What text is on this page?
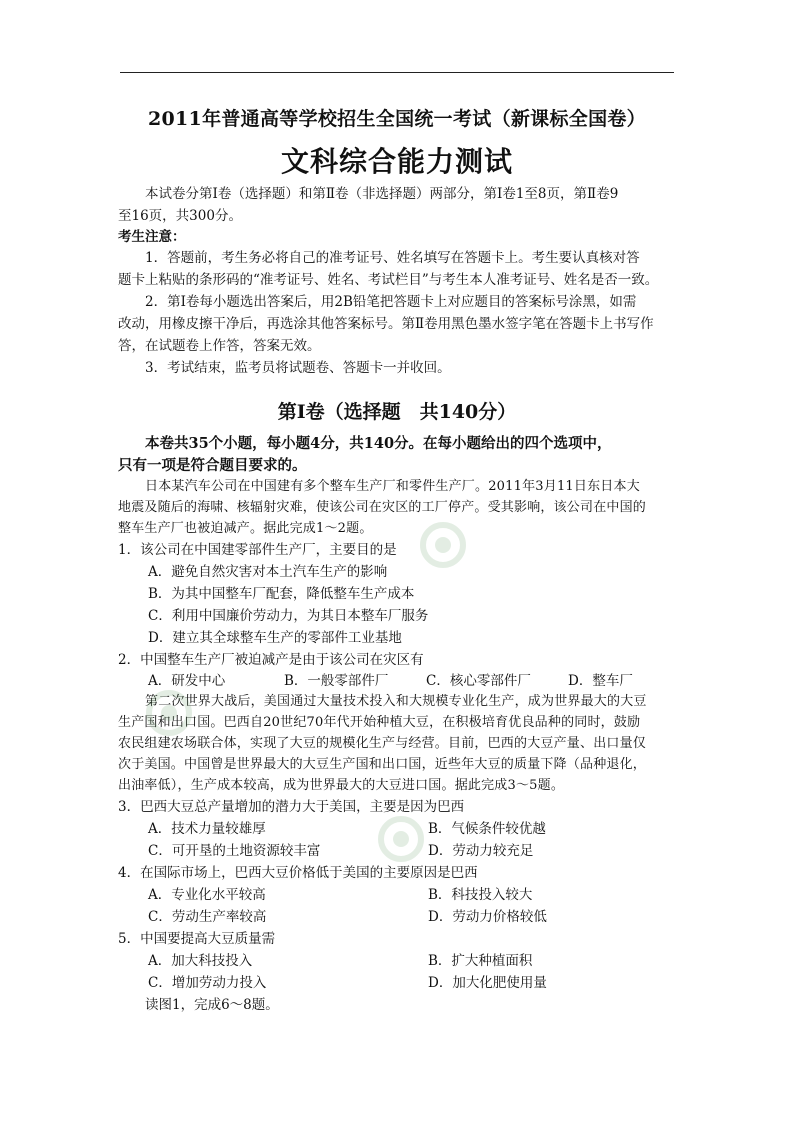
2011年普通高等学校招生全国统一考试（新课标全国卷）
文科综合能力测试
本试卷分第Ⅰ卷（选择题）和第Ⅱ卷（非选择题）两部分，第Ⅰ卷1至8页，第Ⅱ卷9
至16页，共300分。
考生注意：
1．答题前，考生务必将自己的准考证号、姓名填写在答题卡上。考生要认真核对答
题卡上粘贴的条形码的“准考证号、姓名、考试栏目”与考生本人准考证号、姓名是否一致。
2．第Ⅰ卷每小题选出答案后，用2B铅笔把答题卡上对应题目的答案标号涂黑，如需
改动，用橡皮擦干净后，再选涂其他答案标号。第Ⅱ卷用黑色墨水签字笔在答题卡上书写作
答，在试题卷上作答，答案无效。
3．考试结束，监考员将试题卷、答题卡一并收回。
第Ⅰ卷（选择题　共140分）
本卷共35个小题，每小题4分，共140分。在每小题给出的四个选项中，
只有一项是符合题目要求的。
日本某汽车公司在中国建有多个整车生产厂和零件生产厂。2011年3月11日东日本大
地震及随后的海啸、核辐射灾难，使该公司在灾区的工厂停产。受其影响，该公司在中国的
整车生产厂也被迫减产。据此完成1～2题。
1．该公司在中国建零部件生产厂，主要目的是
A．避免自然灾害对本土汽车生产的影响
B．为其中国整车厂配套，降低整车生产成本
C．利用中国廉价劳动力，为其日本整车厂服务
D．建立其全球整车生产的零部件工业基地
2．中国整车生产厂被迫减产是由于该公司在灾区有
A．研发中心	B．一般零部件厂	C．核心零部件厂	D．整车厂
第二次世界大战后，美国通过大量技术投入和大规模专业化生产，成为世界最大的大豆
生产国和出口国。巴西自20世纪70年代开始种植大豆，在积极培育优良品种的同时，鼓励
农民组建农场联合体，实现了大豆的规模化生产与经营。目前，巴西的大豆产量、出口量仅
次于美国。中国曾是世界最大的大豆生产国和出口国，近些年大豆的质量下降（品种退化，
出油率低），生产成本较高，成为世界最大的大豆进口国。据此完成3～5题。
3．巴西大豆总产量增加的潜力大于美国，主要是因为巴西
A．技术力量较雄厚	B．气候条件较优越
C．可开垦的土地资源较丰富	D．劳动力较充足
4．在国际市场上，巴西大豆价格低于美国的主要原因是巴西
A．专业化水平较高	B．科技投入较大
C．劳动生产率较高	D．劳动力价格较低
5．中国要提高大豆质量需
A．加大科技投入	B．扩大种植面积
C．增加劳动力投入	D．加大化肥使用量
读图1，完成6～8题。
